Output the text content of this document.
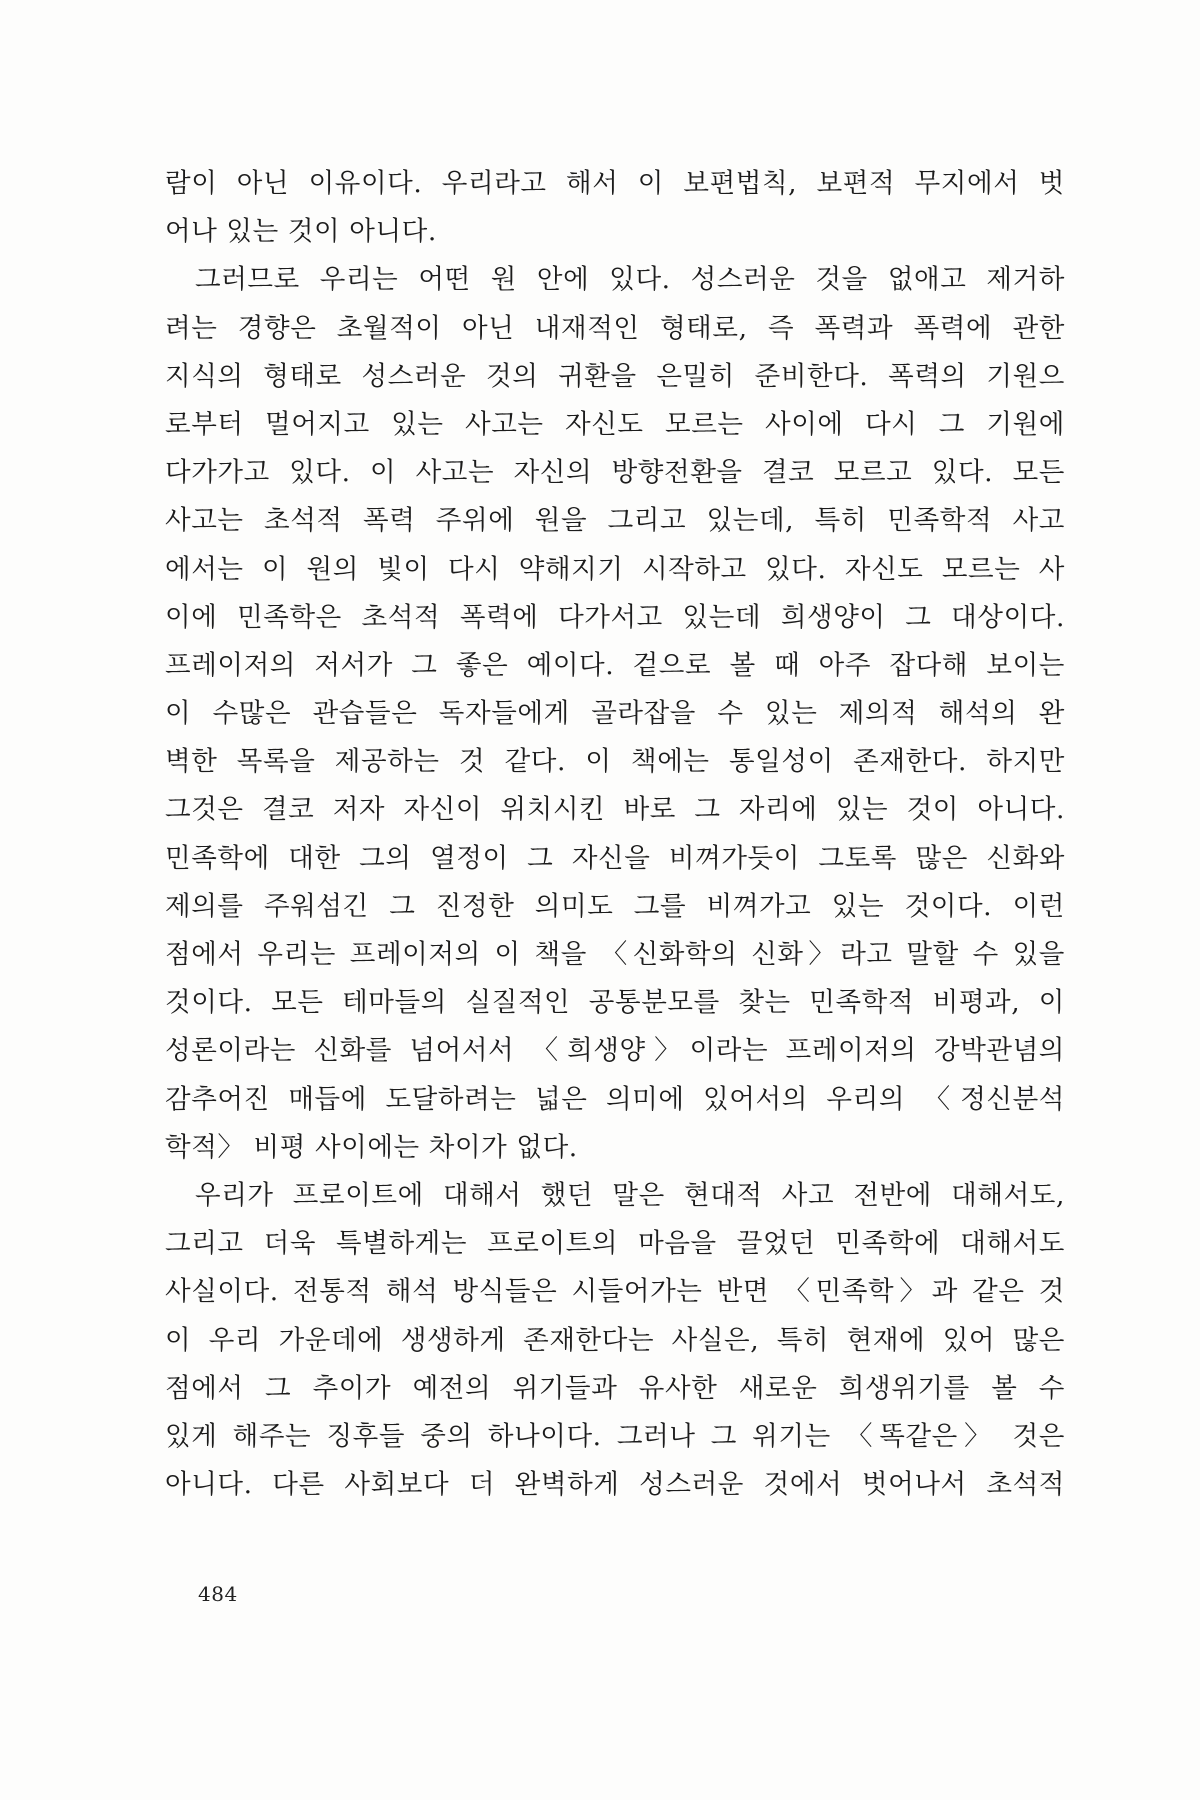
람이 아닌 이유이다. 우리라고 해서 이 보편법칙, 보편적 무지에서 벗
어나 있는 것이 아니다.
그러므로 우리는 어떤 원 안에 있다. 성스러운 것을 없애고 제거하
려는 경향은 초월적이 아닌 내재적인 형태로, 즉 폭력과 폭력에 관한
지식의 형태로 성스러운 것의 귀환을 은밀히 준비한다. 폭력의 기원으
로부터 멀어지고 있는 사고는 자신도 모르는 사이에 다시 그 기원에
다가가고 있다. 이 사고는 자신의 방향전환을 결코 모르고 있다. 모든
사고는 초석적 폭력 주위에 원을 그리고 있는데, 특히 민족학적 사고
에서는 이 원의 빛이 다시 약해지기 시작하고 있다. 자신도 모르는 사
이에 민족학은 초석적 폭력에 다가서고 있는데 희생양이 그 대상이다.
프레이저의 저서가 그 좋은 예이다. 겉으로 볼 때 아주 잡다해 보이는
이 수많은 관습들은 독자들에게 골라잡을 수 있는 제의적 해석의 완
벽한 목록을 제공하는 것 같다. 이 책에는 통일성이 존재한다. 하지만
그것은 결코 저자 자신이 위치시킨 바로 그 자리에 있는 것이 아니다.
민족학에 대한 그의 열정이 그 자신을 비껴가듯이 그토록 많은 신화와
제의를 주워섬긴 그 진정한 의미도 그를 비껴가고 있는 것이다. 이런
점에서 우리는 프레이저의 이 책을 〈신화학의 신화〉라고 말할 수 있을
것이다. 모든 테마들의 실질적인 공통분모를 찾는 민족학적 비평과, 이
성론이라는 신화를 넘어서서 〈희생양〉이라는 프레이저의 강박관념의
감추어진 매듭에 도달하려는 넓은 의미에 있어서의 우리의 〈정신분석
학적〉 비평 사이에는 차이가 없다.
우리가 프로이트에 대해서 했던 말은 현대적 사고 전반에 대해서도,
그리고 더욱 특별하게는 프로이트의 마음을 끌었던 민족학에 대해서도
사실이다. 전통적 해석 방식들은 시들어가는 반면 〈민족학〉과 같은 것
이 우리 가운데에 생생하게 존재한다는 사실은, 특히 현재에 있어 많은
점에서 그 추이가 예전의 위기들과 유사한 새로운 희생위기를 볼 수
있게 해주는 징후들 중의 하나이다. 그러나 그 위기는 〈똑같은〉 것은
아니다. 다른 사회보다 더 완벽하게 성스러운 것에서 벗어나서 초석적
484
